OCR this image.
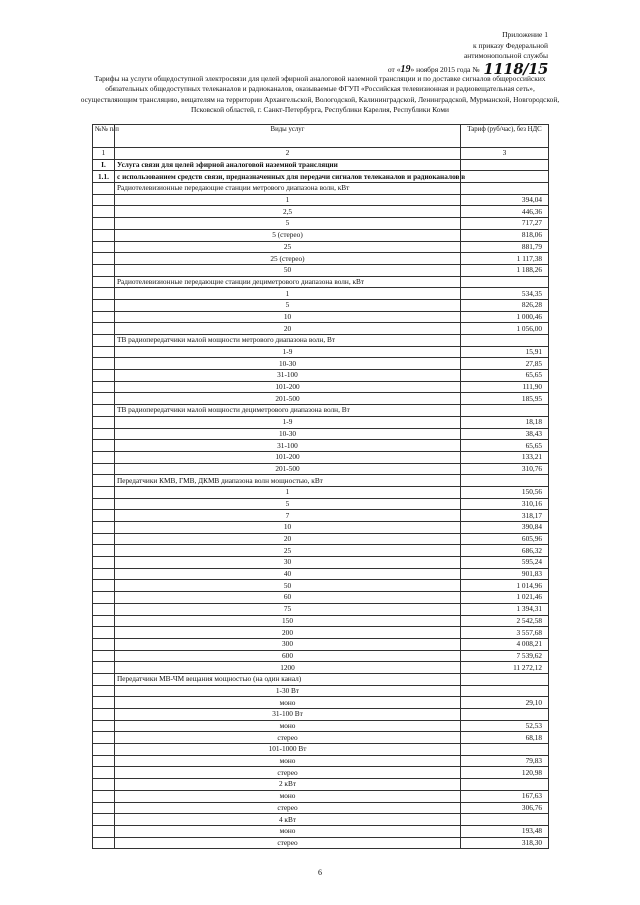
Приложение 1
к приказу Федеральной
антимонопольной службы
от «19» ноября 2015 года № 1118/15
Тарифы на услуги общедоступной электросвязи для целей эфирной аналоговой наземной трансляции и по доставке сигналов общероссийских обязательных общедоступных телеканалов и радиоканалов, оказываемые ФГУП «Российская телевизионная и радиовещательная сеть», осуществляющим трансляцию, вещателям на территории Архангельской, Вологодской, Калининградской, Ленинградской, Мурманской, Новгородской, Псковской областей, г. Санкт-Петербурга, Республики Карелия, Республики Коми
№№ п/п	Виды услуг	Тариф (руб/час), без НДС
1	2	3
I.	Услуга связи для целей эфирной аналоговой наземной трансляции	
1.1.	с использованием средств связи, предназначенных для передачи сигналов телеканалов и радиоканалов в	
	Радиотелевизионные передающие станции метрового диапазона волн, кВт	
	1	394,04
	2,5	446,36
	5	717,27
	5 (стерео)	818,06
	25	881,79
	25 (стерео)	1 117,38
	50	1 188,26
	Радиотелевизионные передающие станции дециметрового диапазона волн, кВт	
	1	534,35
	5	826,28
	10	1 000,46
	20	1 056,00
	ТВ радиопередатчики малой мощности метрового диапазона волн, Вт	
	1-9	15,91
	10-30	27,85
	31-100	65,65
	101-200	111,90
	201-500	185,95
	ТВ радиопередатчики малой мощности дециметрового диапазона волн, Вт	
	1-9	18,18
	10-30	38,43
	31-100	65,65
	101-200	133,21
	201-500	310,76
	Передатчики КМВ, ГМВ, ДКМВ диапазона волн мощностью, кВт	
	1	150,56
	5	310,16
	7	318,17
	10	390,84
	20	605,96
	25	686,32
	30	595,24
	40	901,83
	50	1 014,96
	60	1 021,46
	75	1 394,31
	150	2 542,58
	200	3 557,68
	300	4 008,21
	600	7 539,62
	1200	11 272,12
	Передатчики МВ-ЧМ вещания мощностью (на один канал)	
	1-30 Вт	
	моно	29,10
	31-100 Вт	
	моно	52,53
	стерео	68,18
	101-1000 Вт	
	моно	79,83
	стерео	120,98
	2 кВт	
	моно	167,63
	стерео	306,76
	4 кВт	
	моно	193,48
	стерео	318,30
6
